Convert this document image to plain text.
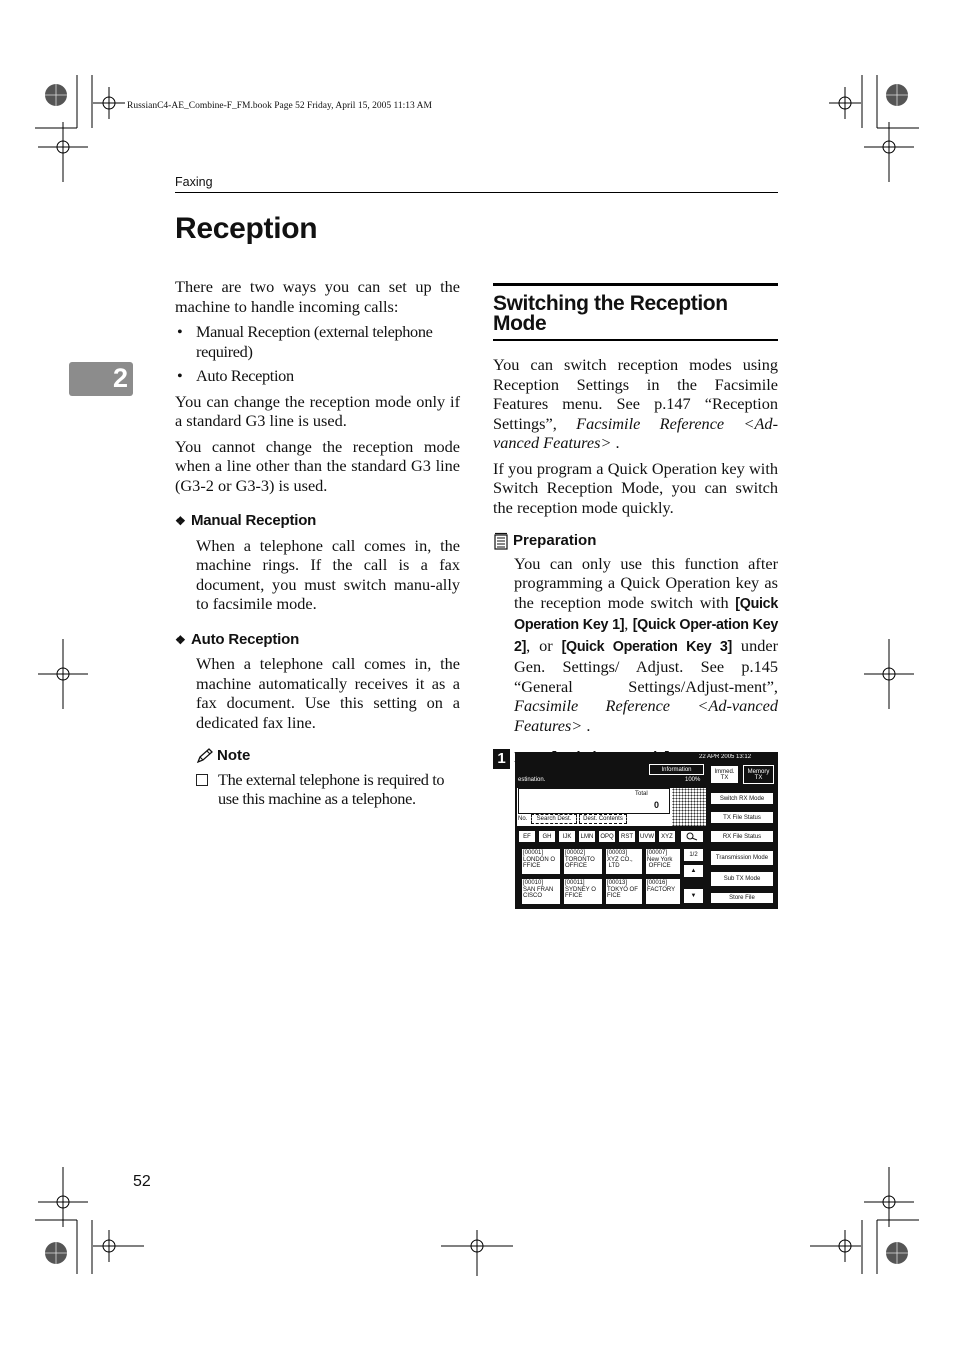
RussianC4-AE_Combine-F_FM.book Page 52 Friday, April 15, 2005 11:13 AM
Faxing
Reception
2

There are two ways you can set up the machine to handle incoming calls:

• Manual Reception (external telephone required)
• Auto Reception

You can change the reception mode only if a standard G3 line is used.

You cannot change the reception mode when a line other than the standard G3 line (G3-2 or G3-3) is used.

❖ Manual Reception

When a telephone call comes in, the machine rings. If the call is a fax document, you must switch manu-ally to facsimile mode.

❖ Auto Reception

When a telephone call comes in, the machine automatically receives it as a fax document. Use this setting on a dedicated fax line.

Note
The external telephone is required to use this machine as a telephone.
Switching the Reception Mode

You can switch reception modes using Reception Settings in the Facsimile Features menu. See p.147 “Reception Settings”, Facsimile Reference <Ad-vanced Features> .

If you program a Quick Operation key with Switch Reception Mode, you can switch the reception mode quickly.

Preparation

You can only use this function after programming a Quick Operation key as the reception mode switch with [Quick Operation Key 1], [Quick Oper-ation Key 2], or [Quick Operation Key 3] under Gen. Settings/ Adjust. See p.145 “General Settings/Adjust-ment”, Facsimile Reference <Ad-vanced Features> .

1	22 APR 2005 13:12
Information
estination.	100%
Total
0
No.	Search Dest.	Dest. Contents
EF	GH	IJK	LMN	OPQ	RST	UVW	XYZ
[00001]
LONDON O
FFICE
[00002]
TORONTO
OFFICE
[00003]
XYZ CO.,
LTD
[00007]
New York
OFFICE
[00010]
SAN FRAN
CISCO
[00011]
SYDNEY O
FFICE
[00013]
TOKYO OF
FICE
[00016]
FACTORY
1/2
▲
▼
Immed. TX
Memory TX
Switch RX Mode
TX File Status
RX File Status
Transmission Mode
Sub TX Mode
Store File
52
